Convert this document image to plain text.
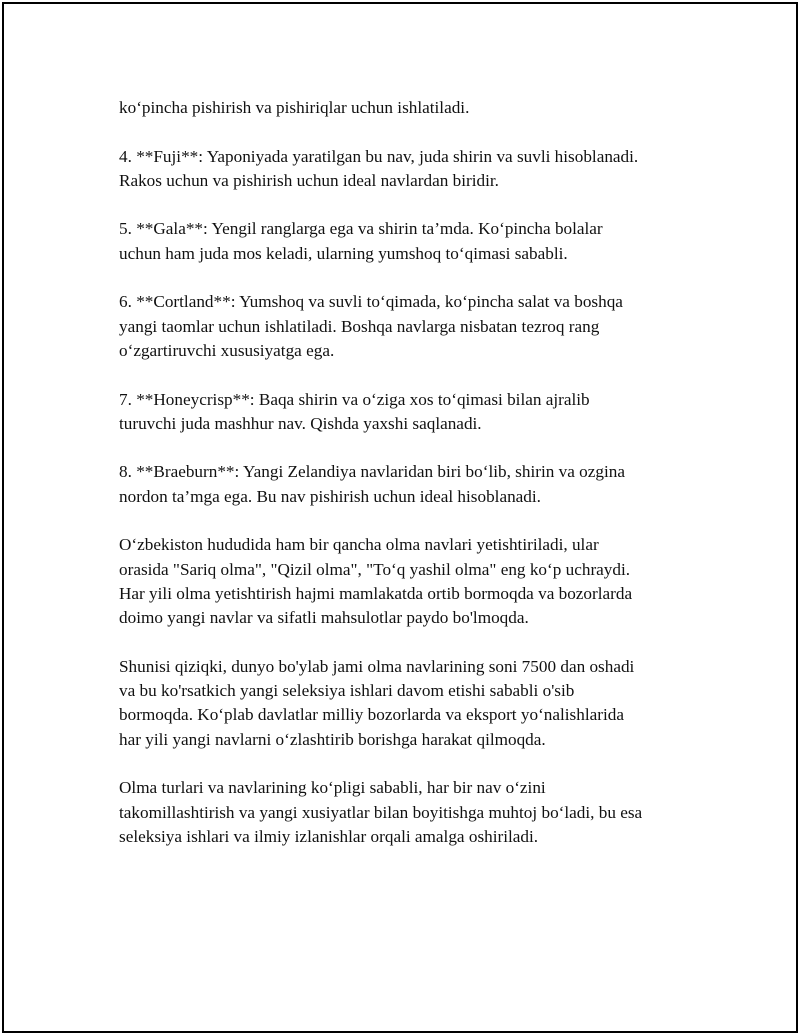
ko‘pincha pishirish va pishiriqlar uchun ishlatiladi.

4. **Fuji**: Yaponiyada yaratilgan bu nav, juda shirin va suvli hisoblanadi.
Rakos uchun va pishirish uchun ideal navlardan biridir.

5. **Gala**: Yengil ranglarga ega va shirin ta’mda. Ko‘pincha bolalar
uchun ham juda mos keladi, ularning yumshoq to‘qimasi sababli.

6. **Cortland**: Yumshoq va suvli to‘qimada, ko‘pincha salat va boshqa
yangi taomlar uchun ishlatiladi. Boshqa navlarga nisbatan tezroq rang
o‘zgartiruvchi xususiyatga ega.

7. **Honeycrisp**: Baqa shirin va o‘ziga xos to‘qimasi bilan ajralib
turuvchi juda mashhur nav. Qishda yaxshi saqlanadi.

8. **Braeburn**: Yangi Zelandiya navlaridan biri bo‘lib, shirin va ozgina
nordon ta’mga ega. Bu nav pishirish uchun ideal hisoblanadi.

O‘zbekiston hududida ham bir qancha olma navlari yetishtiriladi, ular
orasida "Sariq olma", "Qizil olma", "To‘q yashil olma" eng ko‘p uchraydi.
Har yili olma yetishtirish hajmi mamlakatda ortib bormoqda va bozorlarda
doimo yangi navlar va sifatli mahsulotlar paydo bo'lmoqda.

Shunisi qiziqki, dunyo bo'ylab jami olma navlarining soni 7500 dan oshadi
va bu ko'rsatkich yangi seleksiya ishlari davom etishi sababli o'sib
bormoqda. Ko‘plab davlatlar milliy bozorlarda va eksport yo‘nalishlarida
har yili yangi navlarni o‘zlashtirib borishga harakat qilmoqda.

Olma turlari va navlarining ko‘pligi sababli, har bir nav o‘zini
takomillashtirish va yangi xusiyatlar bilan boyitishga muhtoj bo‘ladi, bu esa
seleksiya ishlari va ilmiy izlanishlar orqali amalga oshiriladi.
